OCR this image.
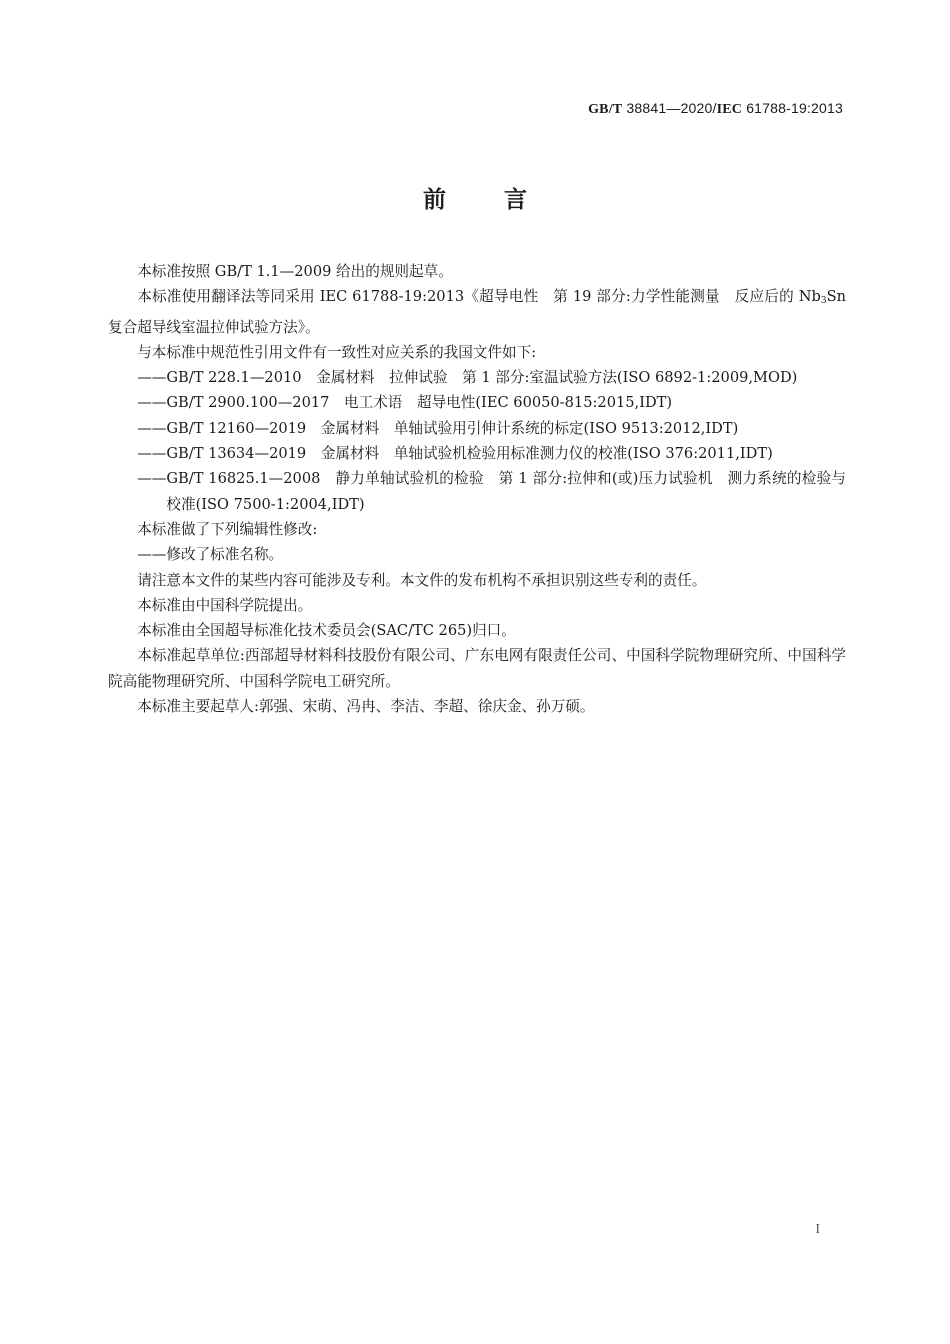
GB/T 38841—2020/IEC 61788-19:2013
前	言

本标准按照 GB/T 1.1—2009 给出的规则起草。

本标准使用翻译法等同采用 IEC 61788-19:2013《超导电性　第 19 部分:力学性能测量　反应后的 $Nb_3Sn$ 复合超导线室温拉伸试验方法》。

与本标准中规范性引用文件有一致性对应关系的我国文件如下:

——GB/T 228.1—2010　金属材料　拉伸试验　第 1 部分:室温试验方法(ISO 6892-1:2009,MOD)

——GB/T 2900.100—2017　电工术语　超导电性(IEC 60050-815:2015,IDT)

——GB/T 12160—2019　金属材料　单轴试验用引伸计系统的标定(ISO 9513:2012,IDT)

——GB/T 13634—2019　金属材料　单轴试验机检验用标准测力仪的校准(ISO 376:2011,IDT)

——GB/T 16825.1—2008　静力单轴试验机的检验　第 1 部分:拉伸和(或)压力试验机　测力系统的检验与校准(ISO 7500-1:2004,IDT)

本标准做了下列编辑性修改:

——修改了标准名称。

请注意本文件的某些内容可能涉及专利。本文件的发布机构不承担识别这些专利的责任。

本标准由中国科学院提出。

本标准由全国超导标准化技术委员会(SAC/TC 265)归口。

本标准起草单位:西部超导材料科技股份有限公司、广东电网有限责任公司、中国科学院物理研究所、中国科学院高能物理研究所、中国科学院电工研究所。

本标准主要起草人:郭强、宋萌、冯冉、李洁、李超、徐庆金、孙万硕。

I
